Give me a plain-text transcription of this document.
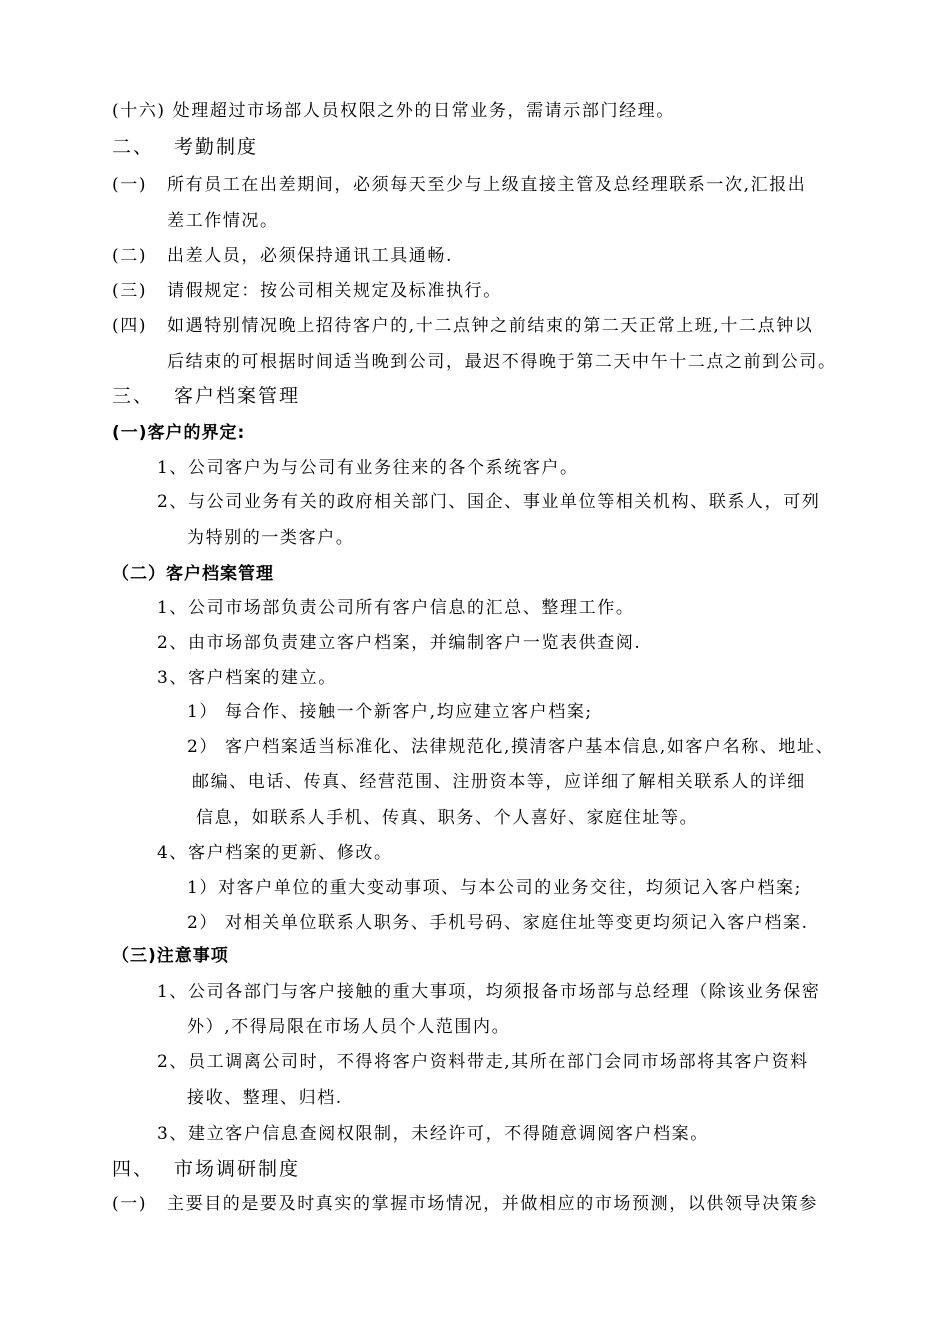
(十六) 处理超过市场部人员权限之外的日常业务，需请示部门经理。
二、 考勤制度
(一) 所有员工在出差期间，必须每天至少与上级直接主管及总经理联系一次,汇报出
差工作情况。
(二) 出差人员，必须保持通讯工具通畅.
(三) 请假规定：按公司相关规定及标准执行。
(四) 如遇特别情况晚上招待客户的,十二点钟之前结束的第二天正常上班,十二点钟以
后结束的可根据时间适当晚到公司，最迟不得晚于第二天中午十二点之前到公司。
三、 客户档案管理
(一)客户的界定:
1、公司客户为与公司有业务往来的各个系统客户。
2、与公司业务有关的政府相关部门、国企、事业单位等相关机构、联系人，可列
为特别的一类客户。
（二）客户档案管理
1、公司市场部负责公司所有客户信息的汇总、整理工作。
2、由市场部负责建立客户档案，并编制客户一览表供查阅.
3、客户档案的建立。
1） 每合作、接触一个新客户,均应建立客户档案;
2） 客户档案适当标准化、法律规范化,摸清客户基本信息,如客户名称、地址、
邮编、电话、传真、经营范围、注册资本等，应详细了解相关联系人的详细
信息，如联系人手机、传真、职务、个人喜好、家庭住址等。
4、客户档案的更新、修改。
1）对客户单位的重大变动事项、与本公司的业务交往，均须记入客户档案;
2） 对相关单位联系人职务、手机号码、家庭住址等变更均须记入客户档案.
（三)注意事项
1、公司各部门与客户接触的重大事项，均须报备市场部与总经理（除该业务保密
外）,不得局限在市场人员个人范围内。
2、员工调离公司时，不得将客户资料带走,其所在部门会同市场部将其客户资料
接收、整理、归档.
3、建立客户信息查阅权限制，未经许可，不得随意调阅客户档案。
四、 市场调研制度
(一) 主要目的是要及时真实的掌握市场情况，并做相应的市场预测，以供领导决策参
